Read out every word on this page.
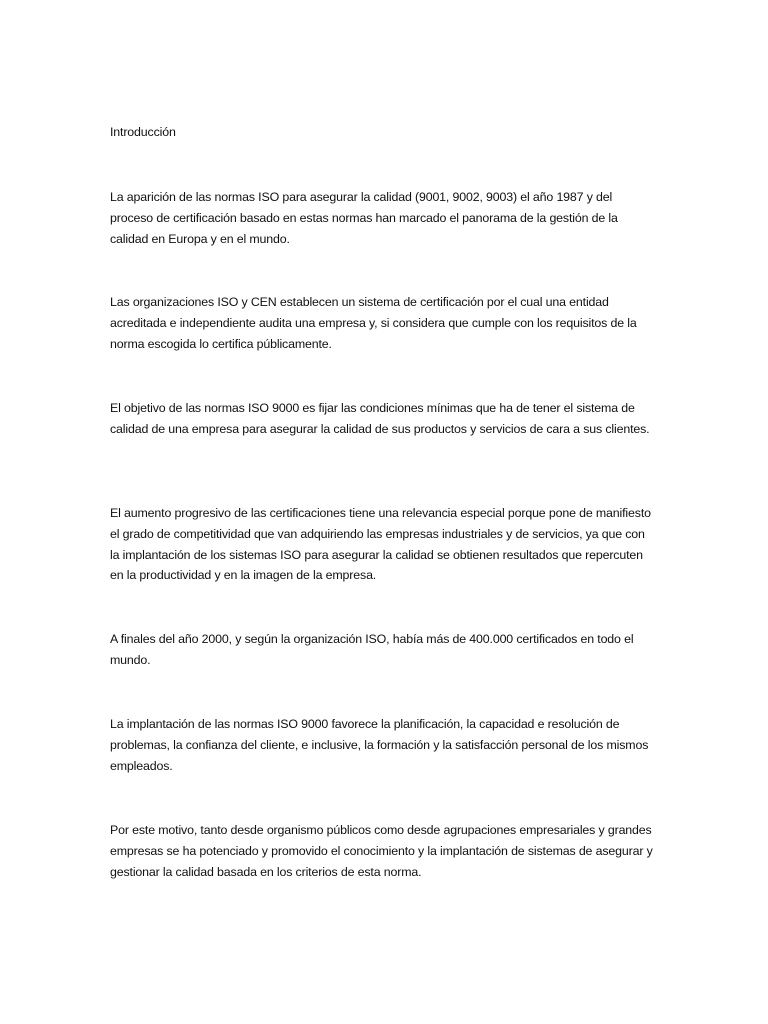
Introducción

La aparición de las normas ISO para asegurar la calidad (9001, 9002, 9003) el año 1987 y del proceso de certificación basado en estas normas han marcado el panorama de la gestión de la calidad en Europa y en el mundo.

Las organizaciones ISO y CEN establecen un sistema de certificación por el cual una entidad acreditada e independiente audita una empresa y, si considera que cumple con los requisitos de la norma escogida lo certifica públicamente.

El objetivo de las normas ISO 9000 es fijar las condiciones mínimas que ha de tener el sistema de calidad de una empresa para asegurar la calidad de sus productos y servicios de cara a sus clientes.

El aumento progresivo de las certificaciones tiene una relevancia especial porque pone de manifiesto el grado de competitividad que van adquiriendo las empresas industriales y de servicios, ya que con la implantación de los sistemas ISO para asegurar la calidad se obtienen resultados que repercuten en la productividad y en la imagen de la empresa.

A finales del año 2000, y según la organización ISO, había más de 400.000 certificados en todo el mundo.

La implantación de las normas ISO 9000 favorece la planificación, la capacidad e resolución de problemas, la confianza del cliente, e inclusive, la formación y la satisfacción personal de los mismos empleados.

Por este motivo, tanto desde organismo públicos como desde agrupaciones empresariales y grandes empresas se ha potenciado y promovido el conocimiento y la implantación de sistemas de asegurar y gestionar la calidad basada en los criterios de esta norma.
